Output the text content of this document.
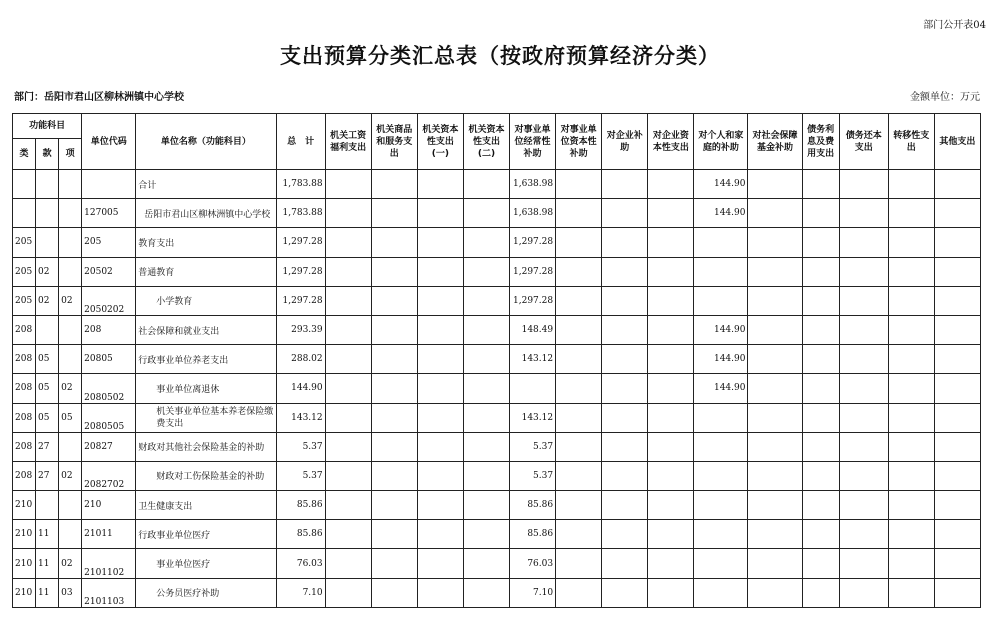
部门公开表04
支出预算分类汇总表（按政府预算经济分类）
部门：岳阳市君山区柳林洲镇中心学校	金额单位：万元
功能科目			单位代码	单位名称（功能科目）	总　计	机关工资福利支出	机关商品和服务支出	机关资本性支出(一)	机关资本性支出(二)	对事业单位经常性补助	对事业单位资本性补助	对企业补助	对企业资本性支出	对个人和家庭的补助	对社会保障基金补助	债务利息及费用支出	债务还本支出	转移性支出	其他支出
类	款	项																	
				合计	1,783.88					1,638.98				144.90					
			127005	岳阳市君山区柳林洲镇中心学校	1,783.88					1,638.98				144.90					
205			205	教育支出	1,297.28					1,297.28									
205	02		20502	普通教育	1,297.28					1,297.28									
205	02	02	2050202	小学教育	1,297.28					1,297.28									
208			208	社会保障和就业支出	293.39					148.49				144.90					
208	05		20805	行政事业单位养老支出	288.02					143.12				144.90					
208	05	02	2080502	事业单位离退休	144.90									144.90					
208	05	05	2080505	机关事业单位基本养老保险缴费支出	143.12					143.12									
208	27		20827	财政对其他社会保险基金的补助	5.37					5.37									
208	27	02	2082702	财政对工伤保险基金的补助	5.37					5.37									
210			210	卫生健康支出	85.86					85.86									
210	11		21011	行政事业单位医疗	85.86					85.86									
210	11	02	2101102	事业单位医疗	76.03					76.03									
210	11	03	2101103	公务员医疗补助	7.10					7.10									
